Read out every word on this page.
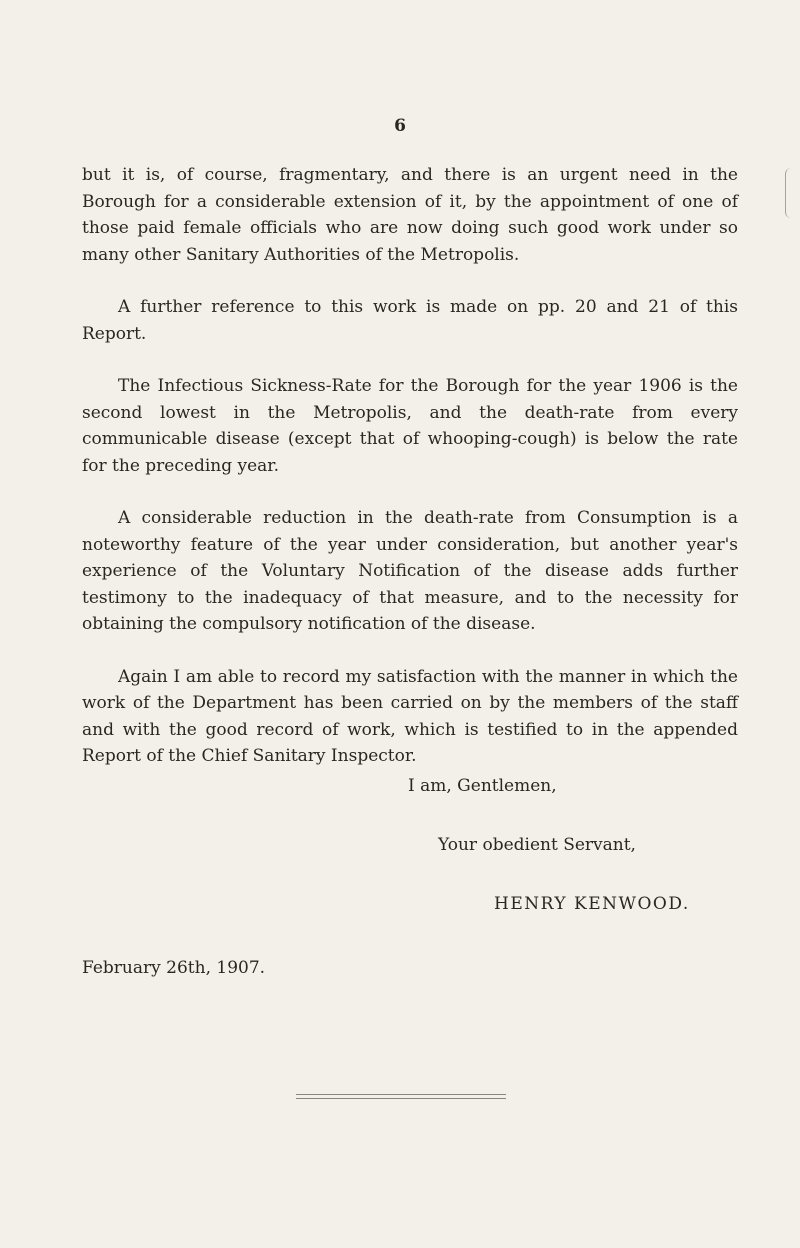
6

but it is, of course, fragmentary, and there is an urgent need in the Borough for a considerable extension of it, by the appointment of one of those paid female officials who are now doing such good work under so many other Sanitary Authorities of the Metropolis.

A further reference to this work is made on pp. 20 and 21 of this Report.

The Infectious Sickness-Rate for the Borough for the year 1906 is the second lowest in the Metropolis, and the death-rate from every communicable disease (except that of whooping-cough) is below the rate for the preceding year.

A considerable reduction in the death-rate from Consumption is a noteworthy feature of the year under consideration, but another year's experience of the Voluntary Notification of the disease adds further testimony to the inadequacy of that measure, and to the necessity for obtaining the compulsory notification of the disease.

Again I am able to record my satisfaction with the manner in which the work of the Department has been carried on by the members of the staff and with the good record of work, which is testified to in the appended Report of the Chief Sanitary Inspector.

I am, Gentlemen,
Your obedient Servant,
HENRY KENWOOD.
February 26th, 1907.
